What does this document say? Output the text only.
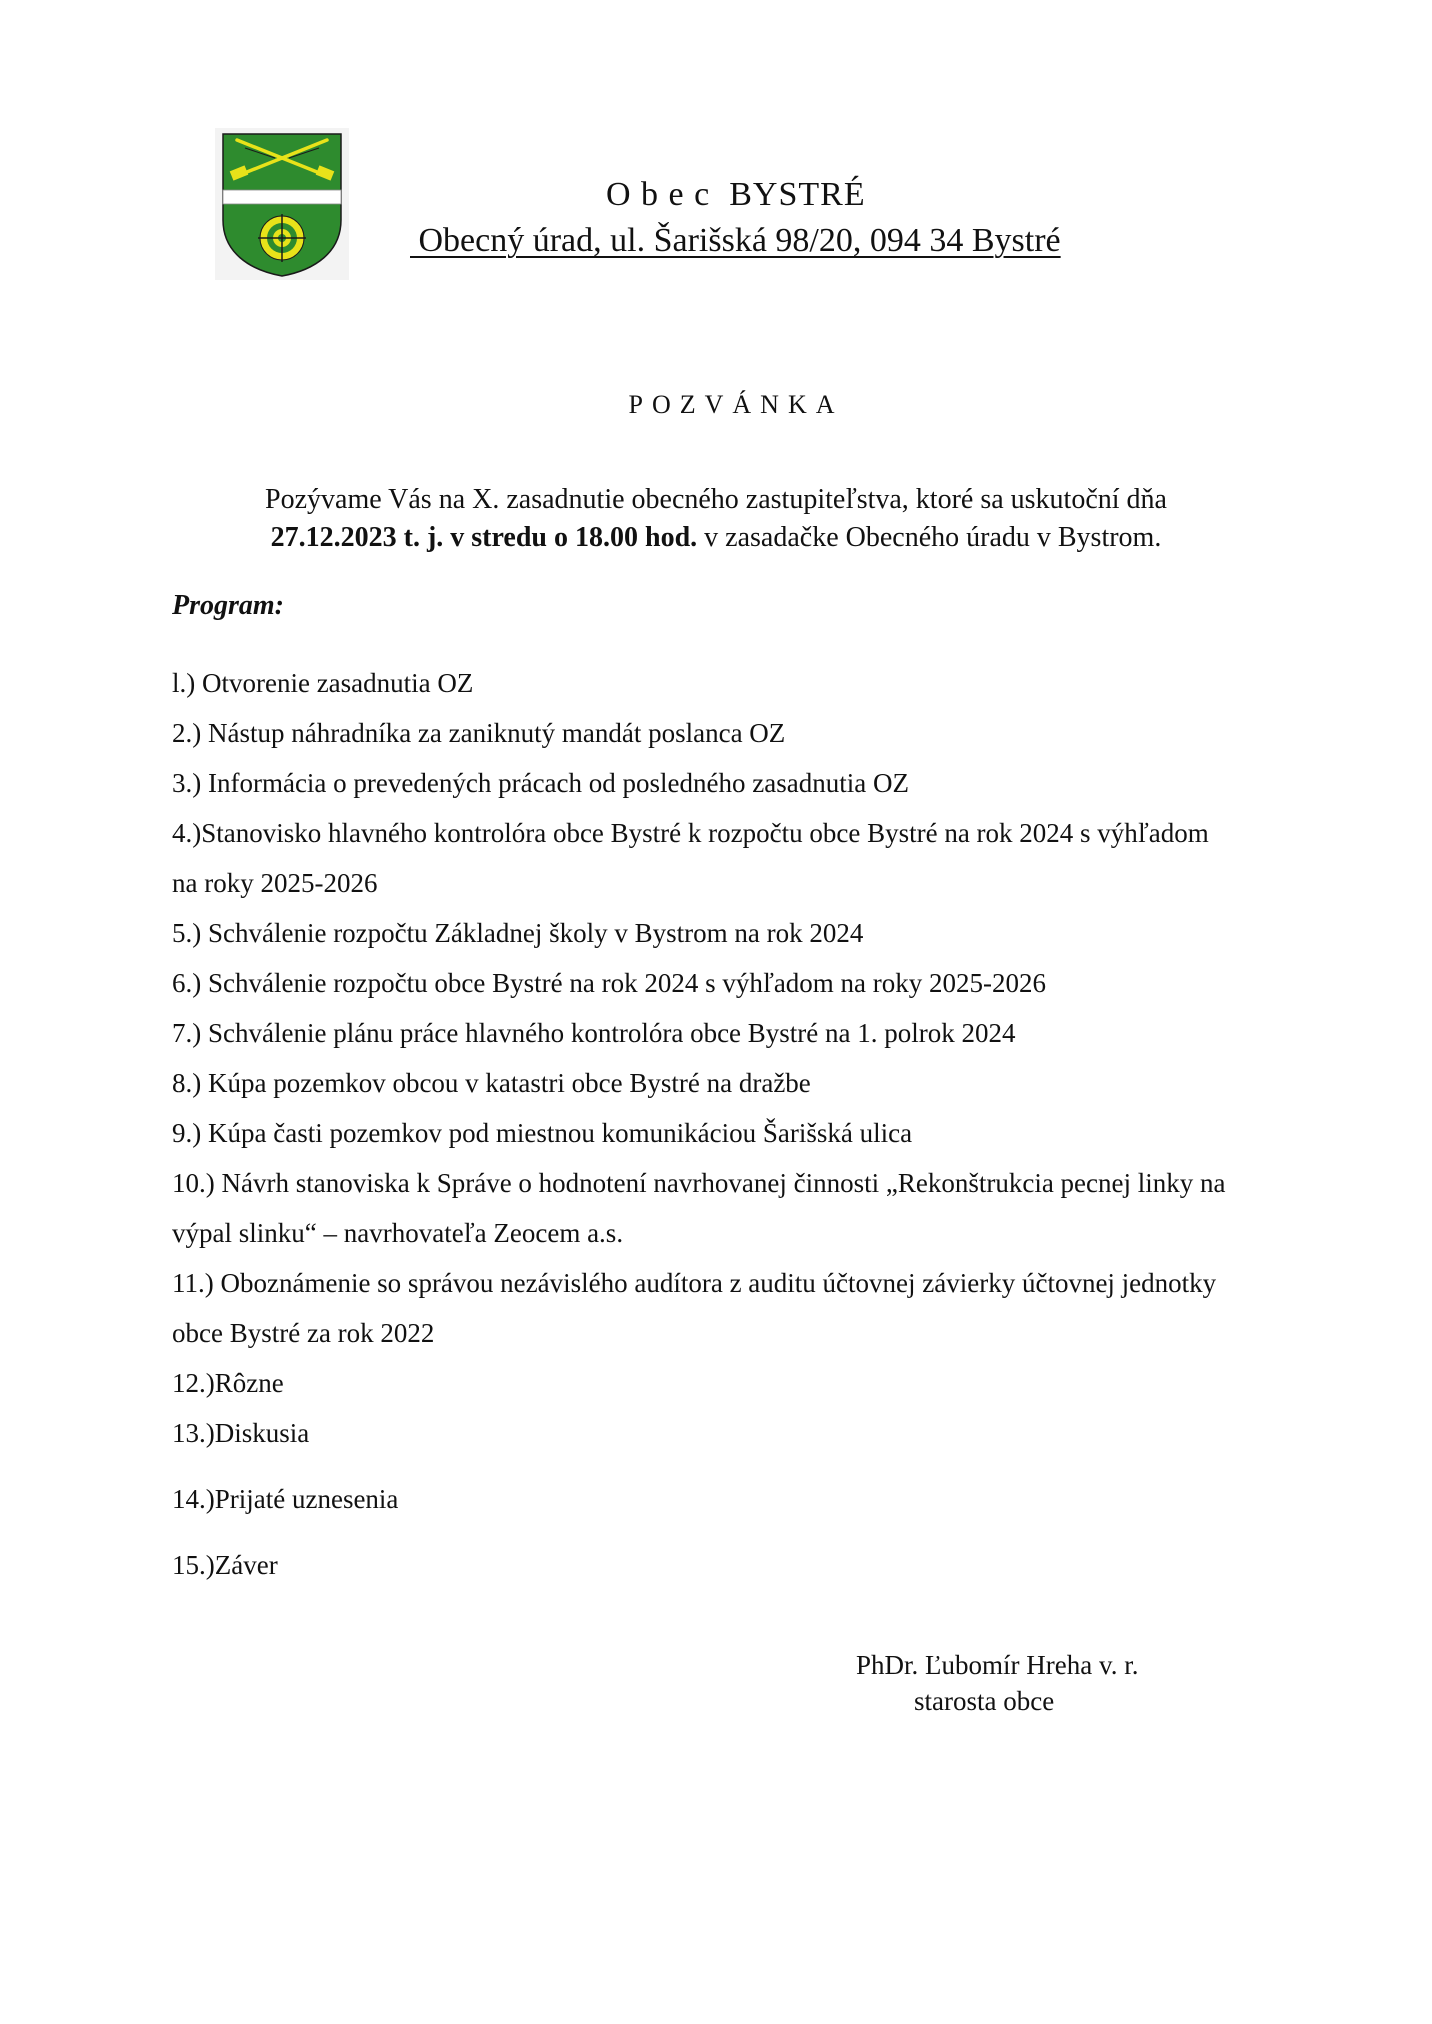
O b e c  BYSTRÉ
Obecný úrad, ul. Šarišská 98/20, 094 34 Bystré
POZVÁNKA
Pozývame Vás na X. zasadnutie obecného zastupiteľstva, ktoré sa uskutoční dňa
27.12.2023 t. j. v stredu o 18.00 hod. v zasadačke Obecného úradu v Bystrom.
Program:
l.) Otvorenie zasadnutia OZ
2.) Nástup náhradníka za zaniknutý mandát poslanca OZ
3.) Informácia o prevedených prácach od posledného zasadnutia OZ
4.)Stanovisko hlavného kontrolóra obce Bystré k rozpočtu obce Bystré na rok 2024 s výhľadom
na roky 2025-2026
5.) Schválenie rozpočtu Základnej školy v Bystrom na rok 2024
6.) Schválenie rozpočtu obce Bystré na rok 2024 s výhľadom na roky 2025-2026
7.) Schválenie plánu práce hlavného kontrolóra obce Bystré na 1. polrok 2024
8.) Kúpa pozemkov obcou v katastri obce Bystré na dražbe
9.) Kúpa časti pozemkov pod miestnou komunikáciou Šarišská ulica
10.) Návrh stanoviska k Správe o hodnotení navrhovanej činnosti „Rekonštrukcia pecnej linky na
výpal slinku“ – navrhovateľa Zeocem a.s.
11.) Oboznámenie so správou nezávislého audítora z auditu účtovnej závierky účtovnej jednotky
obce Bystré za rok 2022
12.)Rôzne
13.)Diskusia
14.)Prijaté uznesenia
15.)Záver
PhDr. Ľubomír Hreha v. r.
starosta obce
